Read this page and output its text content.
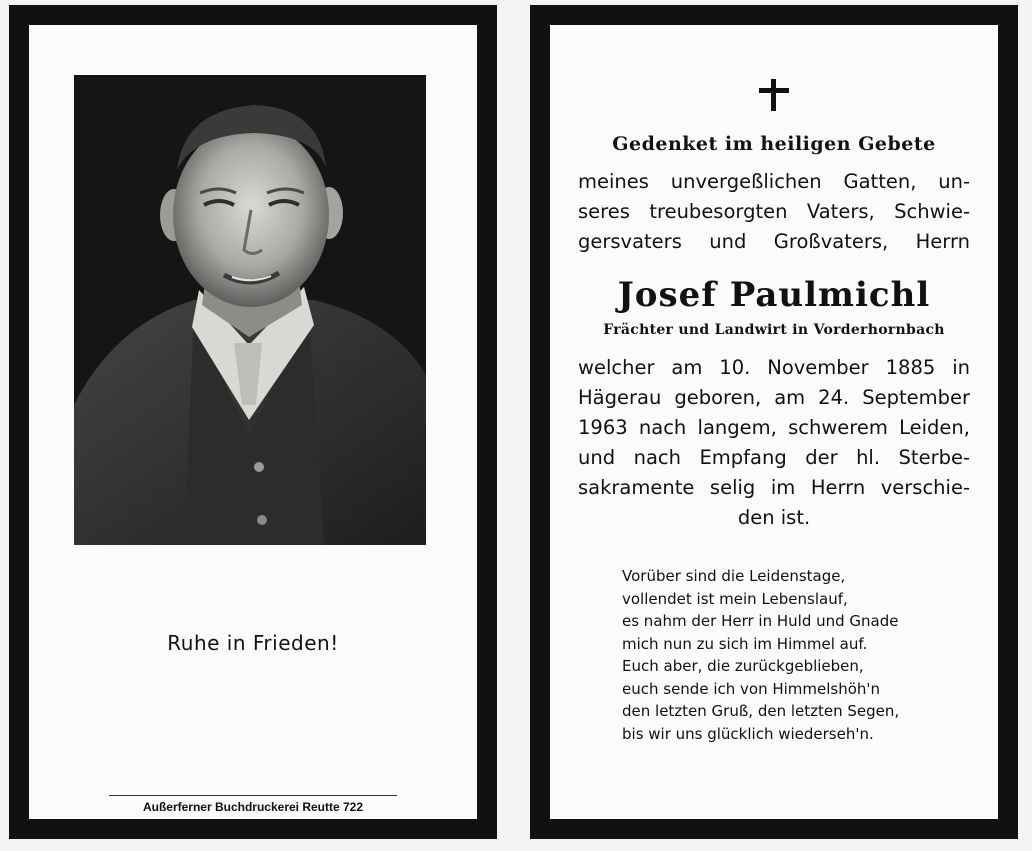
Ruhe in Frieden!
Außerferner Buchdruckerei Reutte 722
Gedenket im heiligen Gebete
meines unvergeßlichen Gatten, un-
seres treubesorgten Vaters, Schwie-
gersvaters und Großvaters, Herrn
Josef Paulmichl
Frächter und Landwirt in Vorderhornbach
welcher am 10. November 1885 in
Hägerau geboren, am 24. September
1963 nach langem, schwerem Leiden,
und nach Empfang der hl. Sterbe-
sakramente selig im Herrn verschie-
den ist.
Vorüber sind die Leidenstage,
vollendet ist mein Lebenslauf,
es nahm der Herr in Huld und Gnade
mich nun zu sich im Himmel auf.
Euch aber, die zurückgeblieben,
euch sende ich von Himmelshöh'n
den letzten Gruß, den letzten Segen,
bis wir uns glücklich wiederseh'n.
